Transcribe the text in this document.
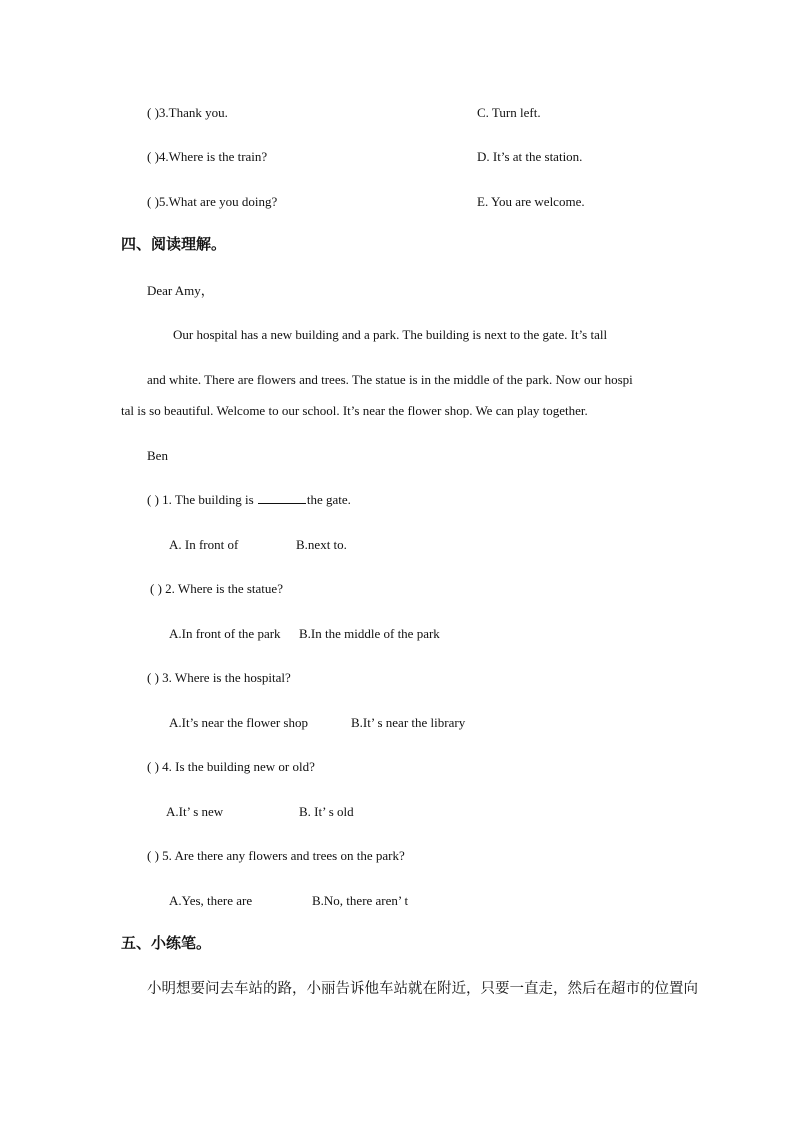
( )3.Thank you.	C. Turn left.
( )4.Where is the train?	D. It’s at the station.
( )5.What are you doing?	E. You are welcome.
四、阅读理解。
Dear Amy，
Our hospital has a new building and a park. The building is next to the gate. It’s tall
and white. There are flowers and trees. The statue is in the middle of the park. Now our hospi
tal is so beautiful. Welcome to our school. It’s near the flower shop. We can play together.
Ben
( ) 1. The building is	the gate.
A. In front of	B.next to.
( ) 2. Where is the statue?
A.In front of the park B.In the middle of the park
( ) 3. Where is the hospital?
A.It’s near the flower shop	B.It’ s near the library
( ) 4. Is the building new or old?
A.It’ s new	B. It’ s old
( ) 5. Are there any flowers and trees on the park?
A.Yes, there are	B.No, there aren’ t
五、小练笔。
小明想要问去车站的路，小丽告诉他车站就在附近，只要一直走，然后在超市的位置向
